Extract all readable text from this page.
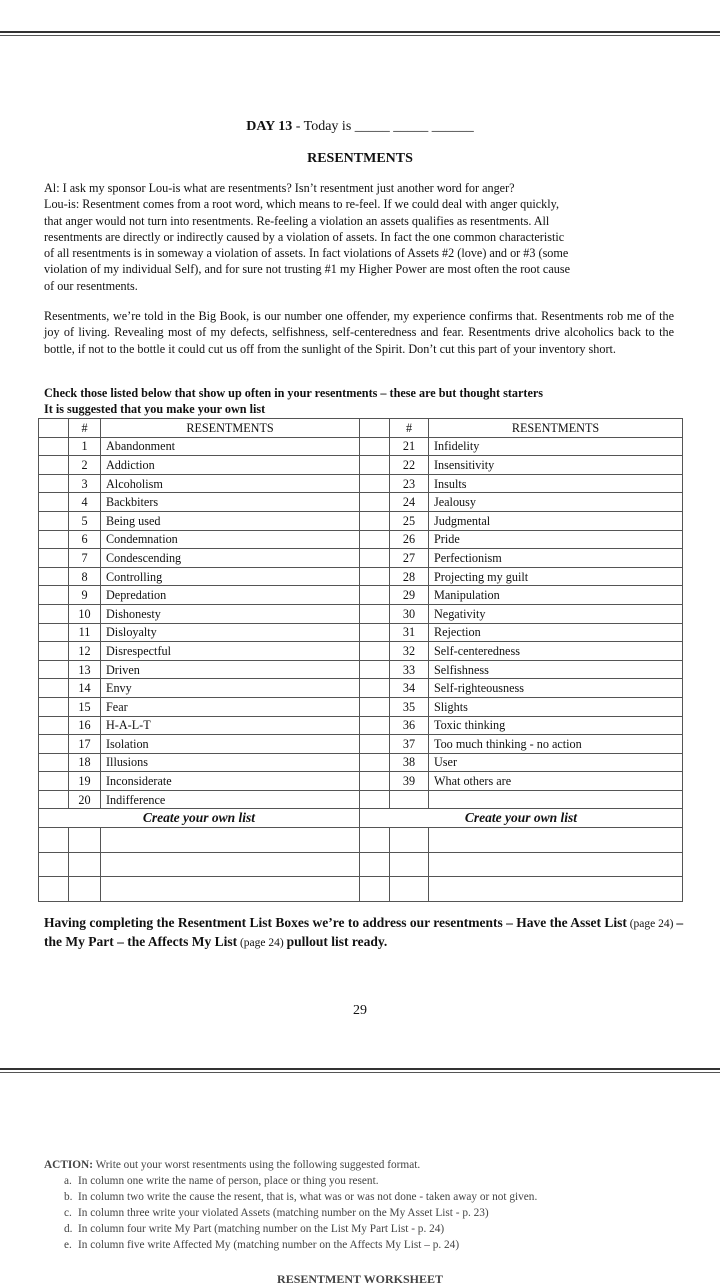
DAY 13 - Today is _____ _____ ______
RESENTMENTS
Al: I ask my sponsor Lou-is what are resentments? Isn’t resentment just another word for anger?
Lou-is: Resentment comes from a root word, which means to re-feel. If we could deal with anger quickly,
that anger would not turn into resentments. Re-feeling a violation an assets qualifies as resentments. All
resentments are directly or indirectly caused by a violation of assets. In fact the one common characteristic
of all resentments is in someway a violation of assets. In fact violations of Assets #2 (love) and or #3 (some
violation of my individual Self), and for sure not trusting #1 my Higher Power are most often the root cause
of our resentments.

Resentments, we’re told in the Big Book, is our number one offender, my experience confirms that. Resentments rob me of the joy of living. Revealing most of my defects, selfishness, self-centeredness and fear. Resentments drive alcoholics back to the bottle, if not to the bottle it could cut us off from the sunlight of the Spirit. Don’t cut this part of your inventory short.

Check those listed below that show up often in your resentments – these are but thought starters
It is suggested that you make your own list
	#	RESENTMENTS		#	RESENTMENTS
	1	Abandonment		21	Infidelity
	2	Addiction		22	Insensitivity
	3	Alcoholism		23	Insults
	4	Backbiters		24	Jealousy
	5	Being used		25	Judgmental
	6	Condemnation		26	Pride
	7	Condescending		27	Perfectionism
	8	Controlling		28	Projecting my guilt
	9	Depredation		29	Manipulation
	10	Dishonesty		30	Negativity
	11	Disloyalty		31	Rejection
	12	Disrespectful		32	Self-centeredness
	13	Driven		33	Selfishness
	14	Envy		34	Self-righteousness
	15	Fear		35	Slights
	16	H-A-L-T		36	Toxic thinking
	17	Isolation		37	Too much thinking - no action
	18	Illusions		38	User
	19	Inconsiderate		39	What others are
	20	Indifference			
Create your own list			Create your own list		

Having completing the Resentment List Boxes we’re to address our resentments – Have the Asset List (page 24) – the My Part – the Affects My List (page 24) pullout list ready.

29
ACTION: Write out your worst resentments using the following suggested format.
a. In column one write the name of person, place or thing you resent.
b. In column two write the cause the resent, that is, what was or was not done - taken away or not given.
c. In column three write your violated Assets (matching number on the My Asset List - p. 23)
d. In column four write My Part (matching number on the List My Part List - p. 24)
e. In column five write Affected My (matching number on the Affects My List – p. 24)
RESENTMENT WORKSHEET
